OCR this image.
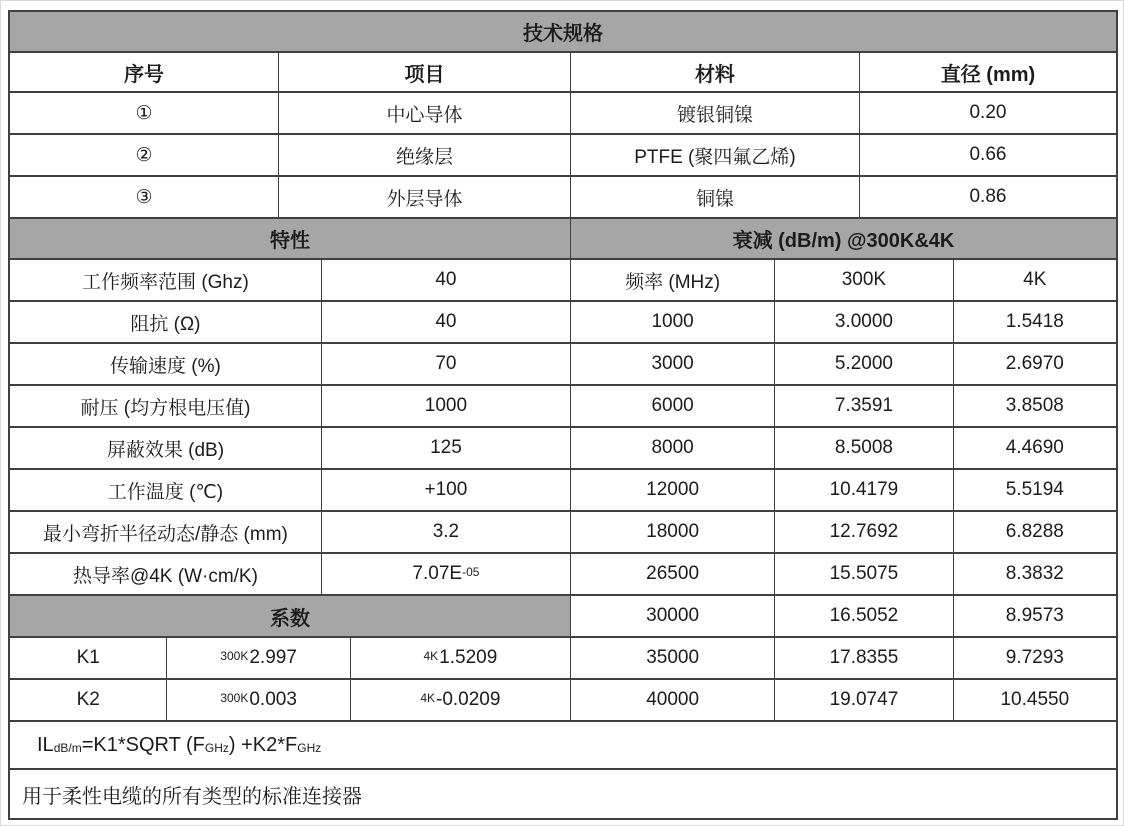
技术规格
序号	项目	材料	直径 (mm)
①	中心导体	镀银铜镍	0.20
②	绝缘层	PTFE (聚四氟乙烯)	0.66
③	外层导体	铜镍	0.86
特性	衰减 (dB/m) @300K&4K
工作频率范围 (Ghz)	40	频率 (MHz)	300K	4K
阻抗 (Ω)	40	1000	3.0000	1.5418
传输速度 (%)	70	3000	5.2000	2.6970
耐压 (均方根电压值)	1000	6000	7.3591	3.8508
屏蔽效果 (dB)	125	8000	8.5008	4.4690
工作温度 (℃)	+100	12000	10.4179	5.5194
最小弯折半径动态/静态 (mm)	3.2	18000	12.7692	6.8288
热导率@4K (W·cm/K)	$7.07E^{-05}$	26500	15.5075	8.3832
系数	30000	16.5052	8.9573
K1	$^{300K}$ 2.997	$^{4K}$ 1.5209	35000	17.8355	9.7293
K2	$^{300K}$ 0.003	$^{4K}$ -0.0209	40000	19.0747	10.4550
$IL_{dB/m}$ =K1*SQRT ($F_{GHz}$ ) $+K2*F_{GHz}$
用于柔性电缆的所有类型的标准连接器
